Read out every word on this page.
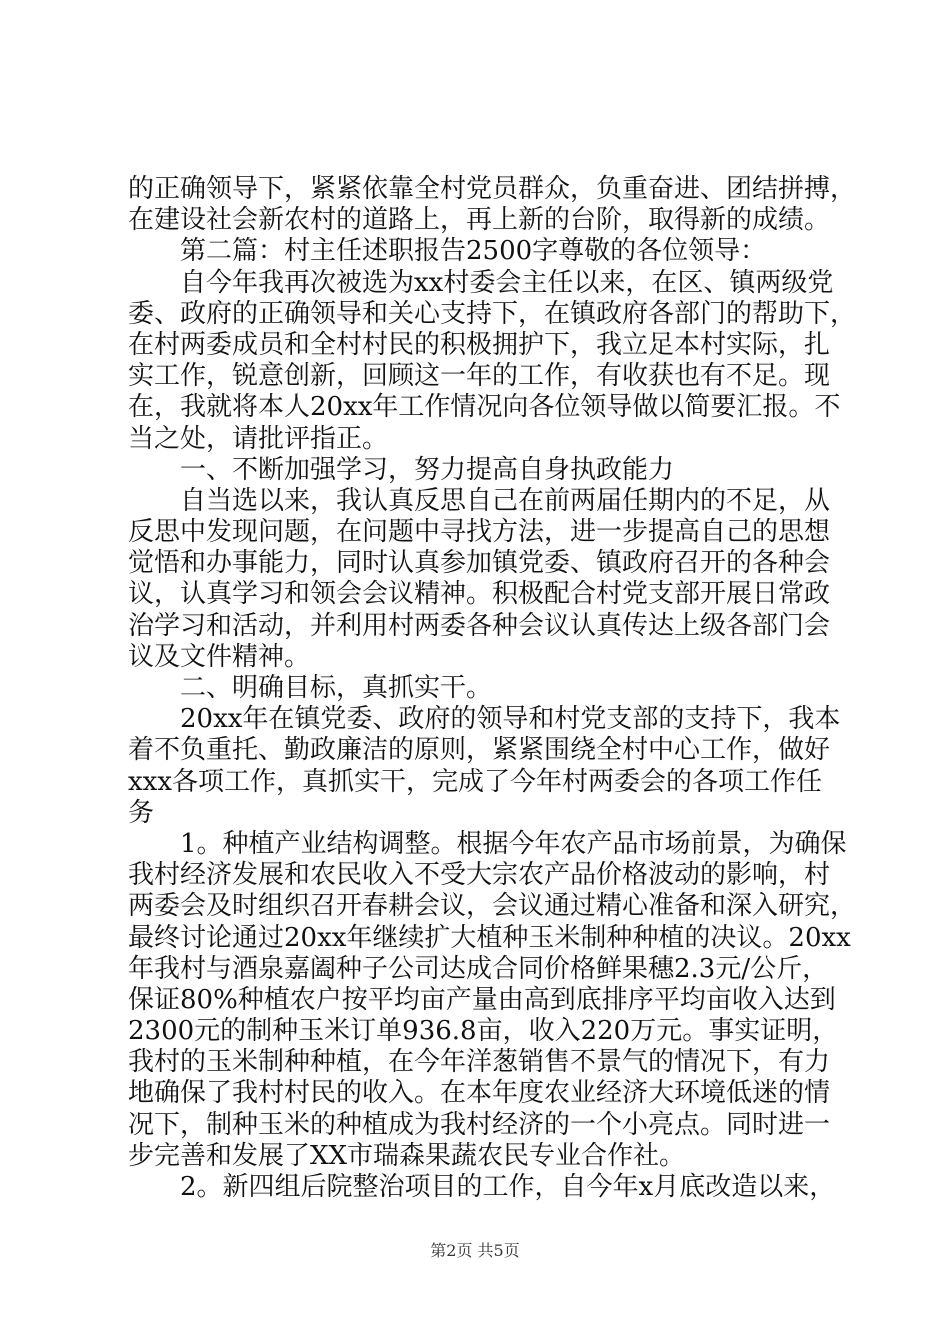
的正确领导下，紧紧依靠全村党员群众，负重奋进、团结拼搏，
在建设社会新农村的道路上，再上新的台阶，取得新的成绩。
第二篇：村主任述职报告2500字尊敬的各位领导：
自今年我再次被选为xx村委会主任以来，在区、镇两级党
委、政府的正确领导和关心支持下，在镇政府各部门的帮助下，
在村两委成员和全村村民的积极拥护下，我立足本村实际，扎
实工作，锐意创新，回顾这一年的工作，有收获也有不足。现
在，我就将本人20xx年工作情况向各位领导做以简要汇报。不
当之处，请批评指正。
一、不断加强学习，努力提高自身执政能力
自当选以来，我认真反思自己在前两届任期内的不足，从
反思中发现问题，在问题中寻找方法，进一步提高自己的思想
觉悟和办事能力，同时认真参加镇党委、镇政府召开的各种会
议，认真学习和领会会议精神。积极配合村党支部开展日常政
治学习和活动，并利用村两委各种会议认真传达上级各部门会
议及文件精神。
二、明确目标，真抓实干。
20xx年在镇党委、政府的领导和村党支部的支持下，我本
着不负重托、勤政廉洁的原则，紧紧围绕全村中心工作，做好
xxx各项工作，真抓实干，完成了今年村两委会的各项工作任
务
1。种植产业结构调整。根据今年农产品市场前景，为确保
我村经济发展和农民收入不受大宗农产品价格波动的影响，村
两委会及时组织召开春耕会议，会议通过精心准备和深入研究，
最终讨论通过20xx年继续扩大植种玉米制种种植的决议。20xx
年我村与酒泉嘉阖种子公司达成合同价格鲜果穗2.3元/公斤，
保证80%种植农户按平均亩产量由高到底排序平均亩收入达到
2300元的制种玉米订单936.8亩，收入220万元。事实证明，
我村的玉米制种种植，在今年洋葱销售不景气的情况下，有力
地确保了我村村民的收入。在本年度农业经济大环境低迷的情
况下，制种玉米的种植成为我村经济的一个小亮点。同时进一
步完善和发展了XX市瑞森果蔬农民专业合作社。
2。新四组后院整治项目的工作，自今年x月底改造以来，
第2页 共5页
